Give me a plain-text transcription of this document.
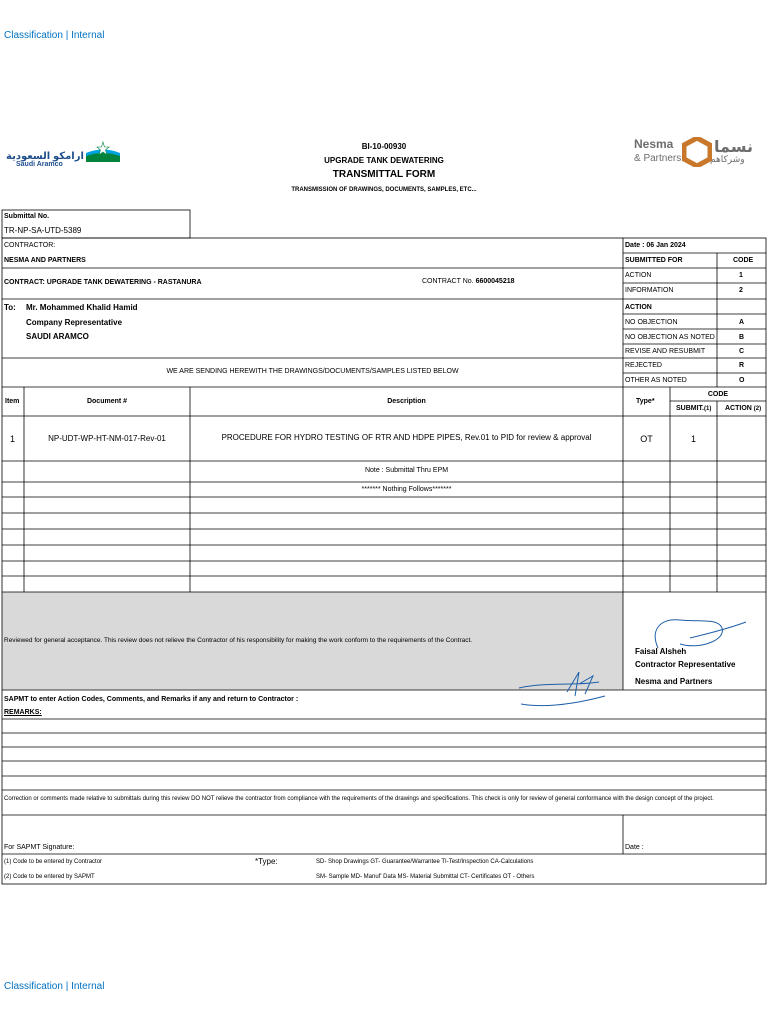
Classification | Internal
ارامكو السعودية
Saudi Aramco
Nesma
& Partners
نسما
وشركاهم
BI-10-00930
UPGRADE TANK DEWATERING
TRANSMITTAL FORM
TRANSMISSION OF DRAWINGS, DOCUMENTS, SAMPLES, ETC...
Submittal No.
TR-NP-SA-UTD-5389
CONTRACTOR:
NESMA AND PARTNERS
CONTRACT: UPGRADE TANK DEWATERING - RASTANURA	CONTRACT No. 6600045218
Date : 06 Jan 2024
SUBMITTED FOR	CODE
ACTION	1
INFORMATION	2
ACTION
NO OBJECTION	A
NO OBJECTION AS NOTED	B
REVISE AND RESUBMIT	C
REJECTED	R
OTHER AS NOTED	O
To: Mr. Mohammed Khalid Hamid
Company Representative
SAUDI ARAMCO
WE ARE SENDING HEREWITH THE DRAWINGS/DOCUMENTS/SAMPLES LISTED BELOW
Item	Document #	Description	Type*
CODE
SUBMIT.(1) ACTION (2)
1	NP-UDT-WP-HT-NM-017-Rev-01	PROCEDURE FOR HYDRO TESTING OF RTR AND HDPE PIPES, Rev.01 to PID for review & approval	OT	1
Note : Submittal Thru EPM
******* Nothing Follows*******
Reviewed for general acceptance. This review does not relieve the Contractor of his responsibility for making the work conform to the requirements of the Contract.
Faisal Alsheh
Contractor Representative
Nesma and Partners
SAPMT to enter Action Codes, Comments, and Remarks if any and return to Contractor :
REMARKS:
Correction or comments made relative to submittals during this review DO NOT relieve the contractor from compliance with the requirements of the drawings and specifications. This check is only for review of general conformance with the design concept of the project.
For SAPMT Signature:	Date :
(1) Code to be entered by Contractor
(2) Code to be entered by SAPMT
*Type:	SD- Shop Drawings GT- Guarantee/Warrantee TI-Test/Inspection CA-Calculations
SM- Sample MD- Manuf' Data MS- Material Submittal CT- Certificates OT - Others
Classification | Internal
